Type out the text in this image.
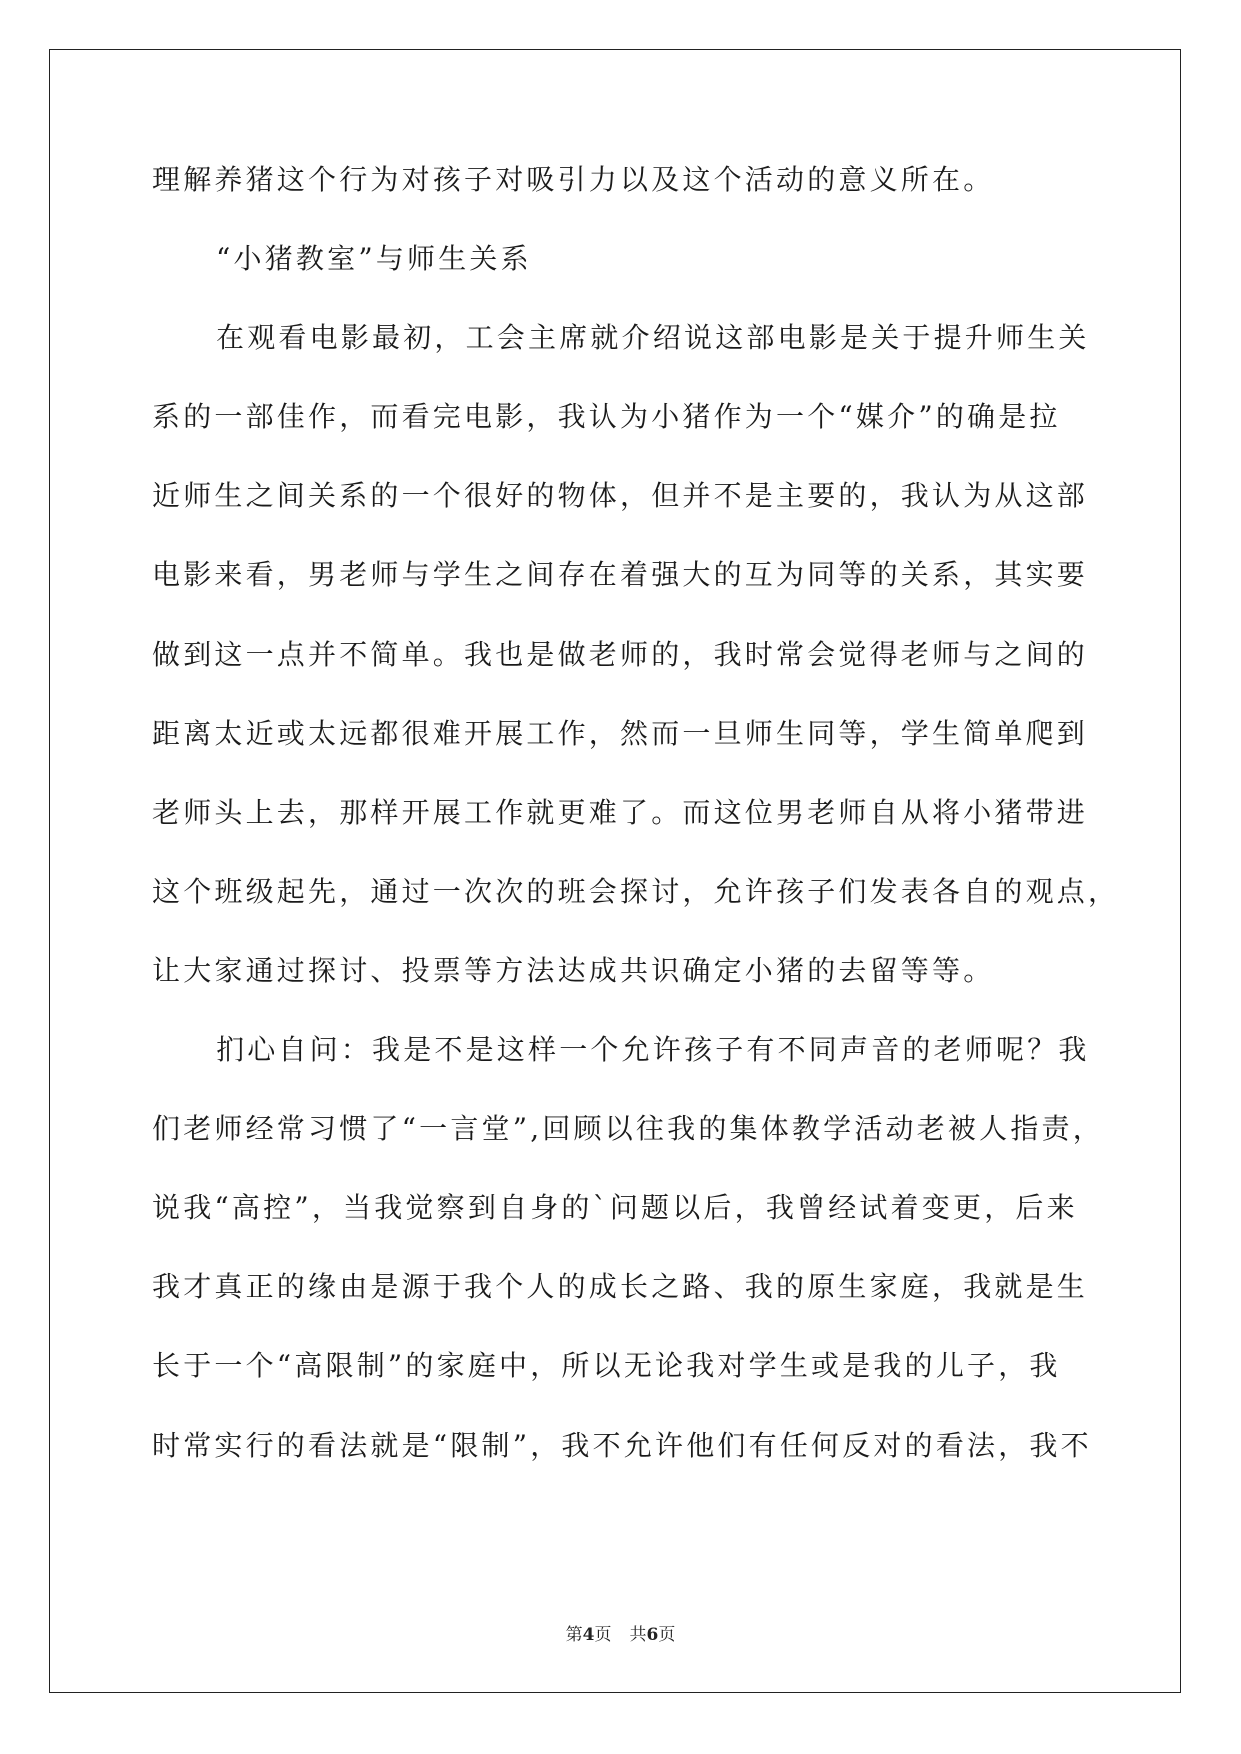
理解养猪这个行为对孩子对吸引力以及这个活动的意义所在。
“小猪教室”与师生关系
在观看电影最初，工会主席就介绍说这部电影是关于提升师生关
系的一部佳作，而看完电影，我认为小猪作为一个“媒介”的确是拉
近师生之间关系的一个很好的物体，但并不是主要的，我认为从这部
电影来看，男老师与学生之间存在着强大的互为同等的关系，其实要
做到这一点并不简单。我也是做老师的，我时常会觉得老师与之间的
距离太近或太远都很难开展工作，然而一旦师生同等，学生简单爬到
老师头上去，那样开展工作就更难了。而这位男老师自从将小猪带进
这个班级起先，通过一次次的班会探讨，允许孩子们发表各自的观点，
让大家通过探讨、投票等方法达成共识确定小猪的去留等等。
扪心自问：我是不是这样一个允许孩子有不同声音的老师呢？我
们老师经常习惯了“一言堂”,回顾以往我的集体教学活动老被人指责，
说我“高控”，当我觉察到自身的`问题以后，我曾经试着变更，后来
我才真正的缘由是源于我个人的成长之路、我的原生家庭，我就是生
长于一个“高限制”的家庭中，所以无论我对学生或是我的儿子，我
时常实行的看法就是“限制”，我不允许他们有任何反对的看法，我不
第4页 共6页
